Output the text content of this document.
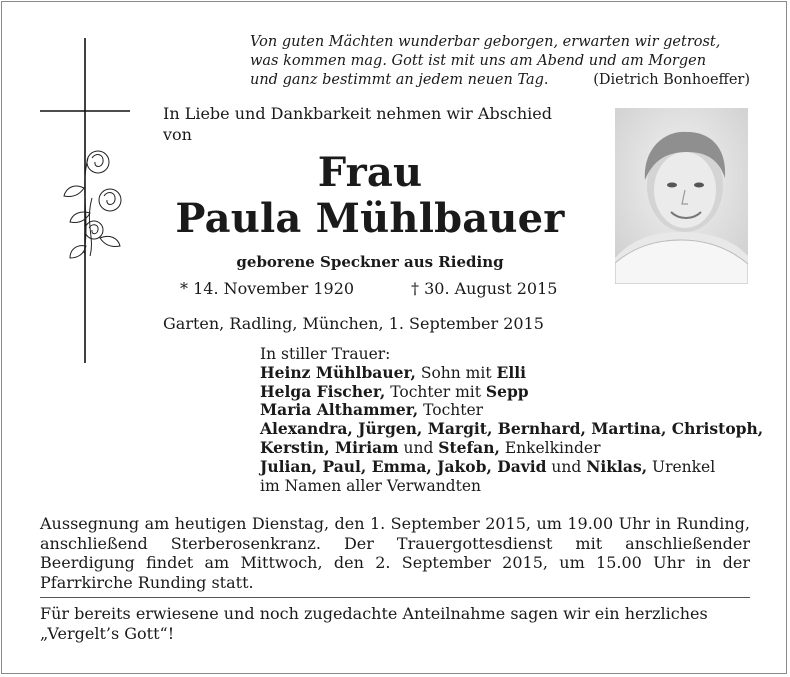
Von guten Mächten wunderbar geborgen, erwarten wir getrost,
was kommen mag. Gott ist mit uns am Abend und am Morgen
und ganz bestimmt an jedem neuen Tag.	(Dietrich Bonhoeffer)
In Liebe und Dankbarkeit nehmen wir Abschied
von
Frau
Paula Mühlbauer
geborene Speckner aus Rieding
* 14. November 1920	† 30. August 2015
Garten, Radling, München, 1. September 2015
In stiller Trauer:
Heinz Mühlbauer, Sohn mit Elli
Helga Fischer, Tochter mit Sepp
Maria Althammer, Tochter
Alexandra, Jürgen, Margit, Bernhard, Martina, Christoph,
Kerstin, Miriam und Stefan, Enkelkinder
Julian, Paul, Emma, Jakob, David und Niklas, Urenkel
im Namen aller Verwandten
Aussegnung am heutigen Dienstag, den 1. September 2015, um 19.00 Uhr in Runding, anschließend Sterberosenkranz. Der Trauergottesdienst mit anschließender Beerdigung findet am Mittwoch, den 2. September 2015, um 15.00 Uhr in der Pfarrkirche Runding statt.
Für bereits erwiesene und noch zugedachte Anteilnahme sagen wir ein herzliches „Vergelt’s Gott“!
